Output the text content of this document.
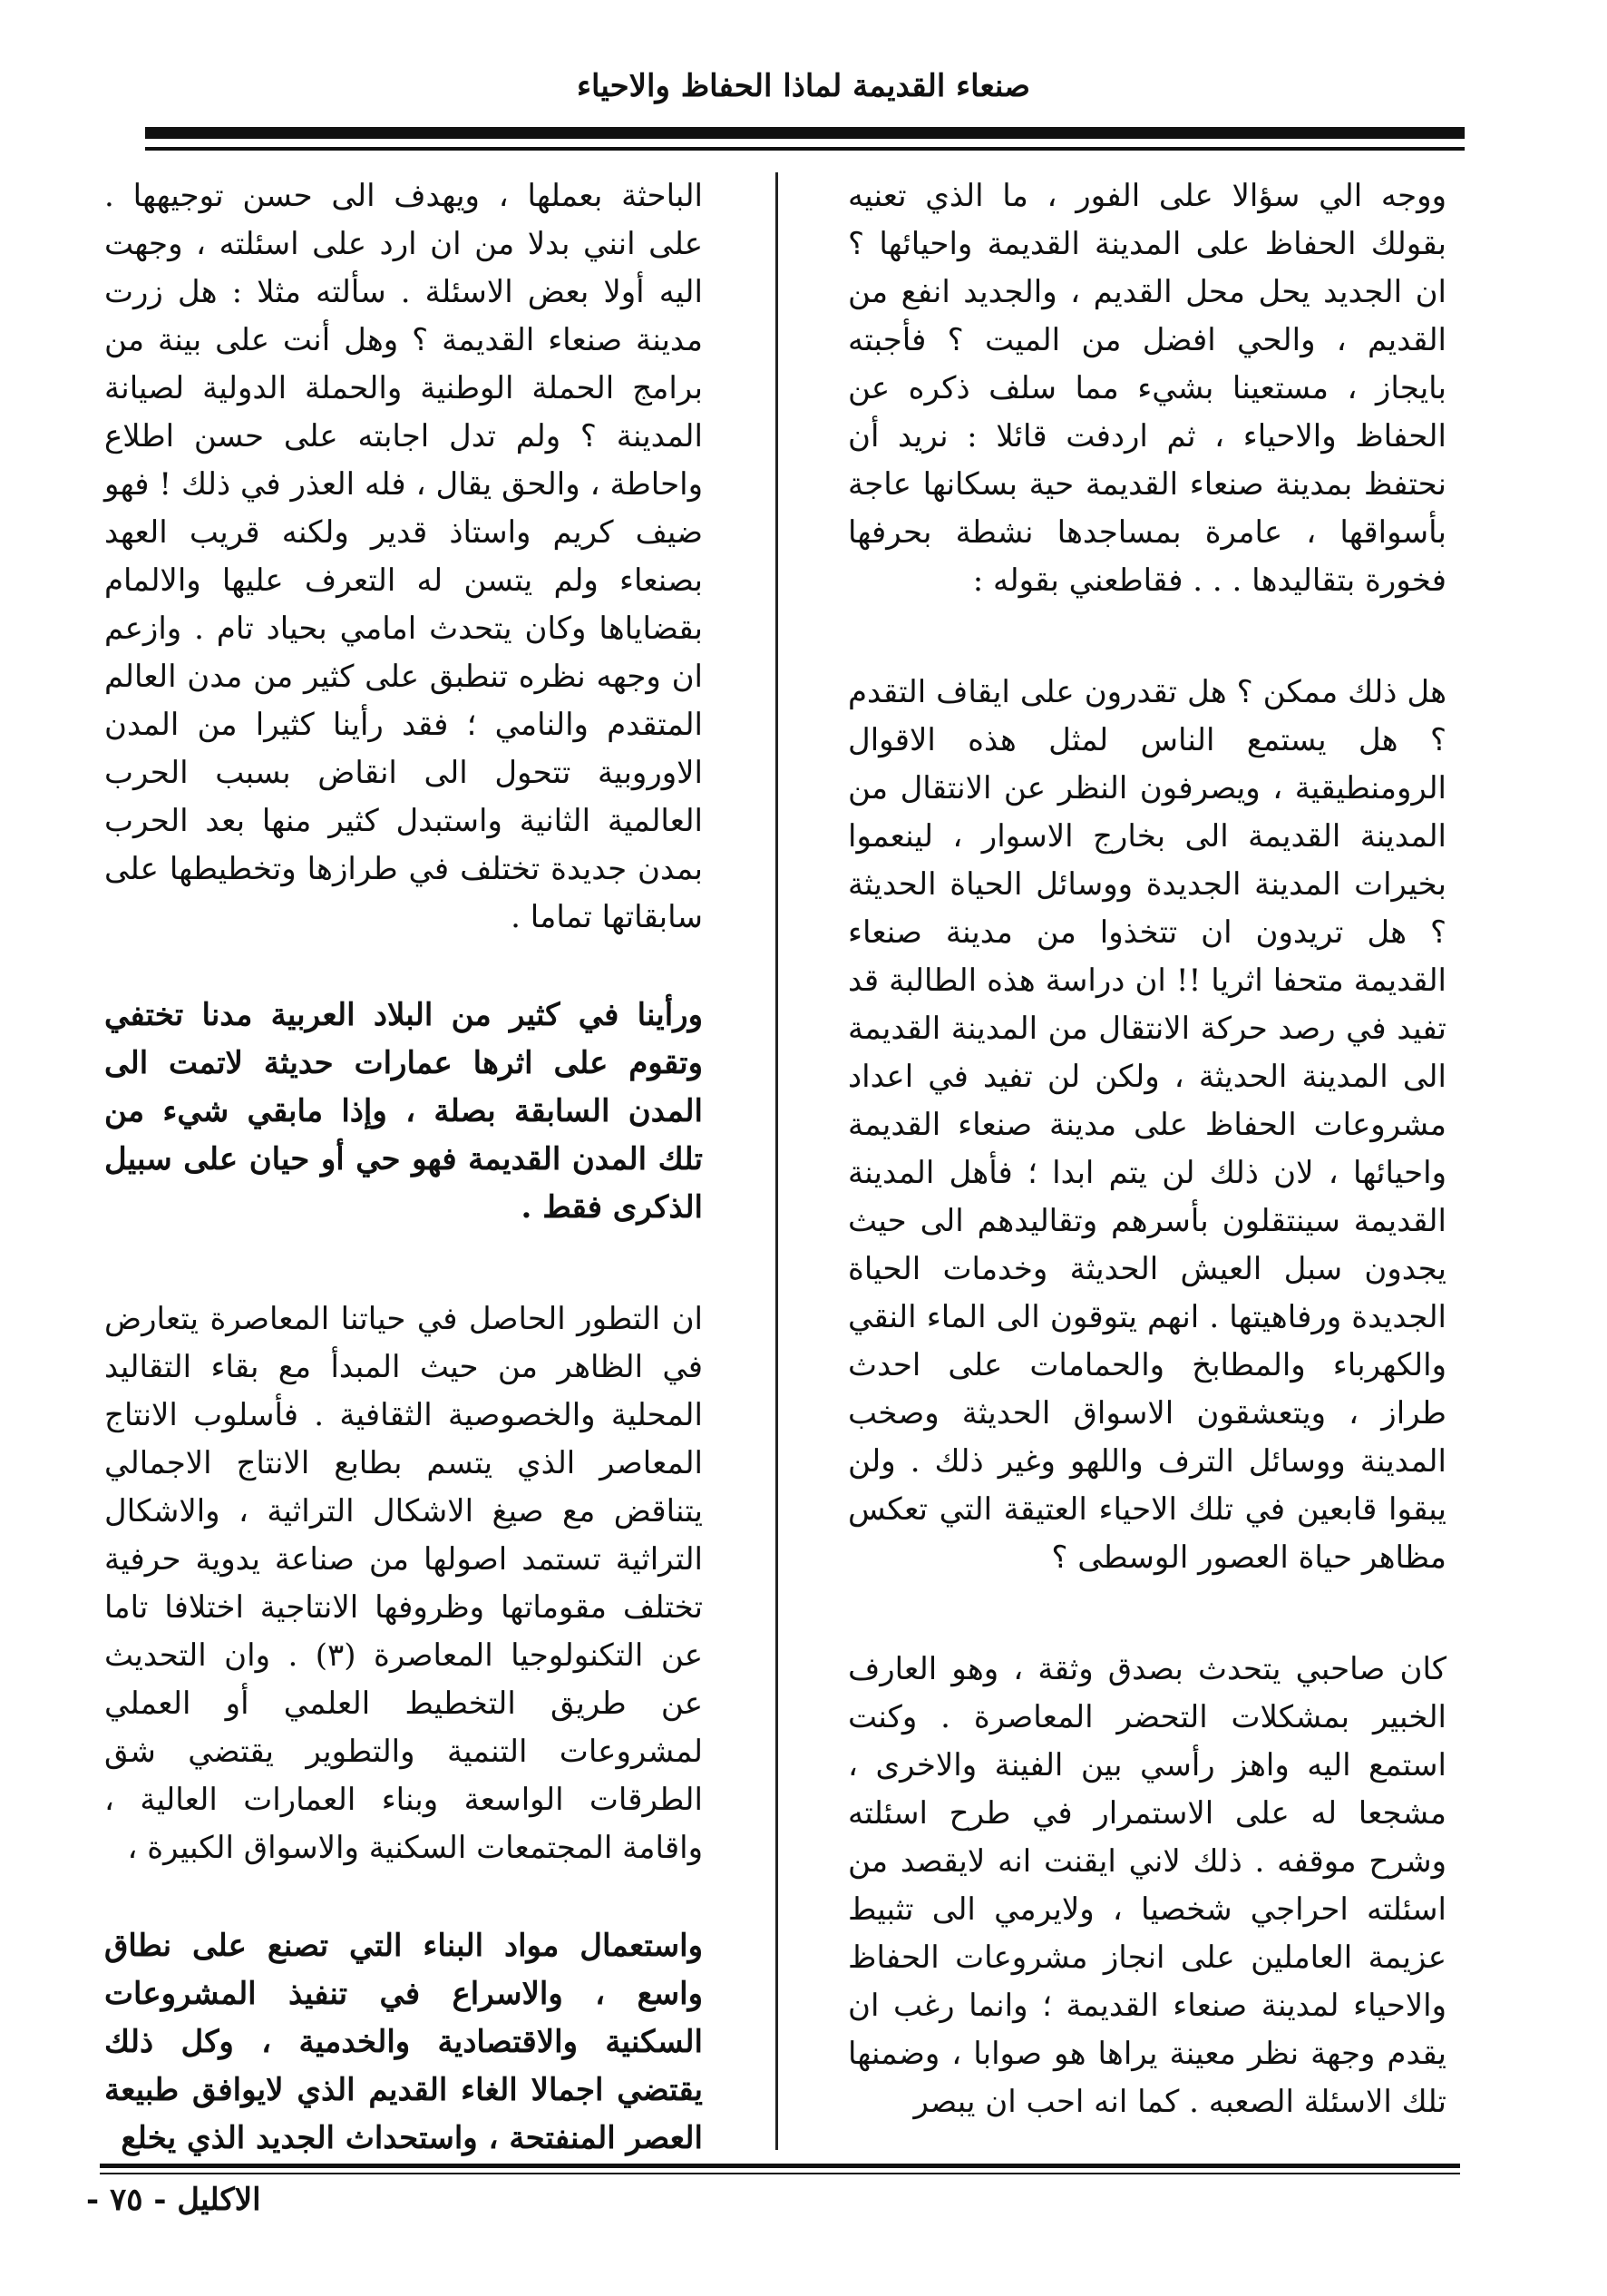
صنعاء القديمة لماذا الحفاظ والاحياء

ووجه الي سؤالا على الفور ، ما الذي تعنيه بقولك الحفاظ على المدينة القديمة واحيائها ؟ ان الجديد يحل محل القديم ، والجديد انفع من القديم ، والحي افضل من الميت ؟ فأجبته بايجاز ، مستعينا بشيء مما سلف ذكره عن الحفاظ والاحياء ، ثم اردفت قائلا : نريد أن نحتفظ بمدينة صنعاء القديمة حية بسكانها عاجة بأسواقها ، عامرة بمساجدها نشطة بحرفها فخورة بتقاليدها . . . فقاطعني بقوله :

هل ذلك ممكن ؟ هل تقدرون على ايقاف التقدم ؟ هل يستمع الناس لمثل هذه الاقوال الرومنطيقية ، ويصرفون النظر عن الانتقال من المدينة القديمة الى بخارج الاسوار ، لينعموا بخيرات المدينة الجديدة ووسائل الحياة الحديثة ؟ هل تريدون ان تتخذوا من مدينة صنعاء القديمة متحفا اثريا !! ان دراسة هذه الطالبة قد تفيد في رصد حركة الانتقال من المدينة القديمة الى المدينة الحديثة ، ولكن لن تفيد في اعداد مشروعات الحفاظ على مدينة صنعاء القديمة واحيائها ، لان ذلك لن يتم ابدا ؛ فأهل المدينة القديمة سينتقلون بأسرهم وتقاليدهم الى حيث يجدون سبل العيش الحديثة وخدمات الحياة الجديدة ورفاهيتها . انهم يتوقون الى الماء النقي والكهرباء والمطابخ والحمامات على احدث طراز ، ويتعشقون الاسواق الحديثة وصخب المدينة ووسائل الترف واللهو وغير ذلك . ولن يبقوا قابعين في تلك الاحياء العتيقة التي تعكس مظاهر حياة العصور الوسطى ؟

كان صاحبي يتحدث بصدق وثقة ، وهو العارف الخبير بمشكلات التحضر المعاصرة . وكنت استمع اليه واهز رأسي بين الفينة والاخرى ، مشجعا له على الاستمرار في طرح اسئلته وشرح موقفه . ذلك لاني ايقنت انه لايقصد من اسئلته احراجي شخصيا ، ولايرمي الى تثبيط عزيمة العاملين على انجاز مشروعات الحفاظ والاحياء لمدينة صنعاء القديمة ؛ وانما رغب ان يقدم وجهة نظر معينة يراها هو صوابا ، وضمنها تلك الاسئلة الصعبه . كما انه احب ان يبصر

الباحثة بعملها ، ويهدف الى حسن توجيهها . على انني بدلا من ان ارد على اسئلته ، وجهت اليه أولا بعض الاسئلة . سألته مثلا : هل زرت مدينة صنعاء القديمة ؟ وهل أنت على بينة من برامج الحملة الوطنية والحملة الدولية لصيانة المدينة ؟ ولم تدل اجابته على حسن اطلاع واحاطة ، والحق يقال ، فله العذر في ذلك ! فهو ضيف كريم واستاذ قدير ولكنه قريب العهد بصنعاء ولم يتسن له التعرف عليها والالمام بقضاياها وكان يتحدث امامي بحياد تام . وازعم ان وجهه نظره تنطبق على كثير من مدن العالم المتقدم والنامي ؛ فقد رأينا كثيرا من المدن الاوروبية تتحول الى انقاض بسبب الحرب العالمية الثانية واستبدل كثير منها بعد الحرب بمدن جديدة تختلف في طرازها وتخطيطها على سابقاتها تماما .

ورأينا في كثير من البلاد العربية مدنا تختفي وتقوم على اثرها عمارات حديثة لاتمت الى المدن السابقة بصلة ، وإذا مابقي شيء من تلك المدن القديمة فهو حي أو حيان على سبيل الذكرى فقط .

ان التطور الحاصل في حياتنا المعاصرة يتعارض في الظاهر من حيث المبدأ مع بقاء التقاليد المحلية والخصوصية الثقافية . فأسلوب الانتاج المعاصر الذي يتسم بطابع الانتاج الاجمالي يتناقض مع صيغ الاشكال التراثية ، والاشكال التراثية تستمد اصولها من صناعة يدوية حرفية تختلف مقوماتها وظروفها الانتاجية اختلافا تاما عن التكنولوجيا المعاصرة (٣) . وان التحديث عن طريق التخطيط العلمي أو العملي لمشروعات التنمية والتطوير يقتضي شق الطرقات الواسعة وبناء العمارات العالية ، واقامة المجتمعات السكنية والاسواق الكبيرة ،

واستعمال مواد البناء التي تصنع على نطاق واسع ، والاسراع في تنفيذ المشروعات السكنية والاقتصادية والخدمية ، وكل ذلك يقتضي اجمالا الغاء القديم الذي لايوافق طبيعة العصر المنفتحة ، واستحداث الجديد الذي يخلع

الاكليل - ٧٥ -
